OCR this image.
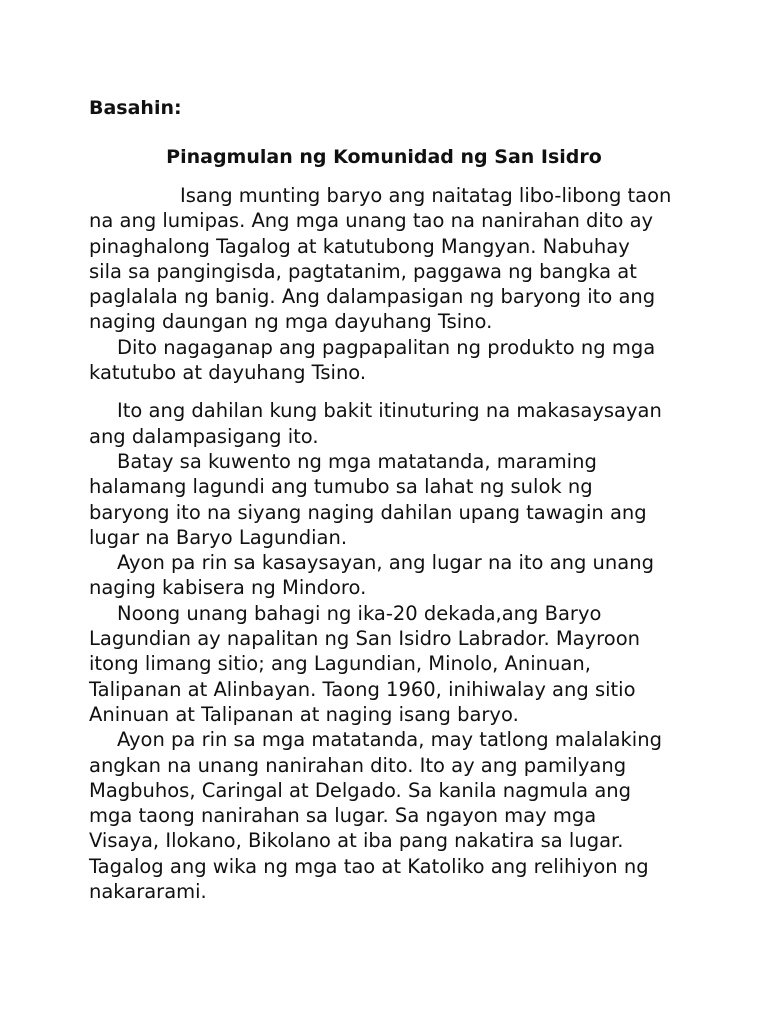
Basahin:

Pinagmulan ng Komunidad ng San Isidro

Isang munting baryo ang naitatag libo-libong taon
na ang lumipas. Ang mga unang tao na nanirahan dito ay
pinaghalong Tagalog at katutubong Mangyan. Nabuhay
sila sa pangingisda, pagtatanim, paggawa ng bangka at
paglalala ng banig. Ang dalampasigan ng baryong ito ang
naging daungan ng mga dayuhang Tsino.
Dito nagaganap ang pagpapalitan ng produkto ng mga
katutubo at dayuhang Tsino.
Ito ang dahilan kung bakit itinuturing na makasaysayan
ang dalampasigang ito.
Batay sa kuwento ng mga matatanda, maraming
halamang lagundi ang tumubo sa lahat ng sulok ng
baryong ito na siyang naging dahilan upang tawagin ang
lugar na Baryo Lagundian.
Ayon pa rin sa kasaysayan, ang lugar na ito ang unang
naging kabisera ng Mindoro.
Noong unang bahagi ng ika-20 dekada,ang Baryo
Lagundian ay napalitan ng San Isidro Labrador. Mayroon
itong limang sitio; ang Lagundian, Minolo, Aninuan,
Talipanan at Alinbayan. Taong 1960, inihiwalay ang sitio
Aninuan at Talipanan at naging isang baryo.
Ayon pa rin sa mga matatanda, may tatlong malalaking
angkan na unang nanirahan dito. Ito ay ang pamilyang
Magbuhos, Caringal at Delgado. Sa kanila nagmula ang
mga taong nanirahan sa lugar. Sa ngayon may mga
Visaya, Ilokano, Bikolano at iba pang nakatira sa lugar.
Tagalog ang wika ng mga tao at Katoliko ang relihiyon ng
nakararami.
